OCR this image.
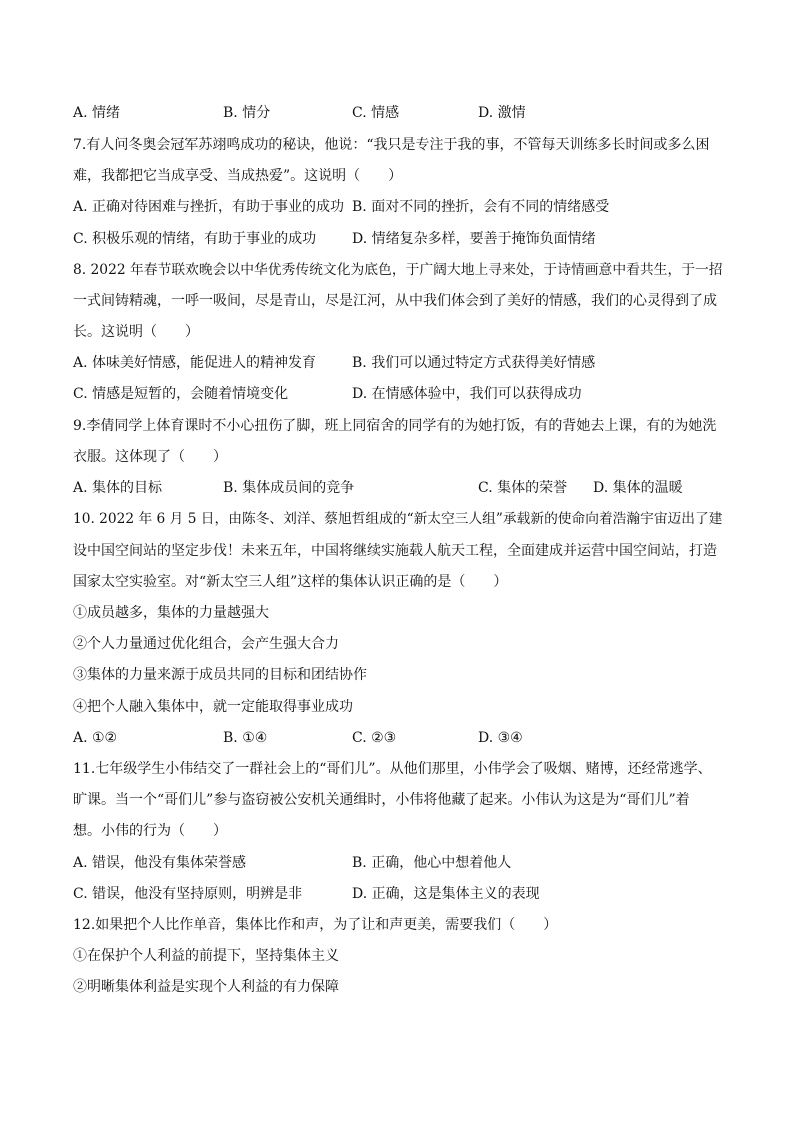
A. 情绪	B. 情分	C. 情感	D. 激情
7.有人问冬奥会冠军苏翊鸣成功的秘诀，他说：“我只是专注于我的事，不管每天训练多长时间或多么困
难，我都把它当成享受、当成热爱”。这说明（　　）
A. 正确对待困难与挫折，有助于事业的成功 B. 面对不同的挫折，会有不同的情绪感受
C. 积极乐观的情绪，有助于事业的成功	D. 情绪复杂多样，要善于掩饰负面情绪
8. 2022 年春节联欢晚会以中华优秀传统文化为底色，于广阔大地上寻来处，于诗情画意中看共生，于一招
一式间铸精魂，一呼一吸间，尽是青山，尽是江河，从中我们体会到了美好的情感，我们的心灵得到了成
长。这说明（　　）
A. 体味美好情感，能促进人的精神发育	B. 我们可以通过特定方式获得美好情感
C. 情感是短暂的，会随着情境变化	D. 在情感体验中，我们可以获得成功
9.李倩同学上体育课时不小心扭伤了脚，班上同宿舍的同学有的为她打饭，有的背她去上课，有的为她洗
衣服。这体现了（　　）
A. 集体的目标	B. 集体成员间的竞争	C. 集体的荣誉 D. 集体的温暖
10. 2022 年 6 月 5 日，由陈冬、刘洋、蔡旭哲组成的“新太空三人组”承载新的使命向着浩瀚宇宙迈出了建
设中国空间站的坚定步伐！未来五年，中国将继续实施载人航天工程，全面建成并运营中国空间站，打造
国家太空实验室。对“新太空三人组”这样的集体认识正确的是（　　）
①成员越多，集体的力量越强大
②个人力量通过优化组合，会产生强大合力
③集体的力量来源于成员共同的目标和团结协作
④把个人融入集体中，就一定能取得事业成功
A. ①②	B. ①④	C. ②③	D. ③④
11.七年级学生小伟结交了一群社会上的“哥们儿”。从他们那里，小伟学会了吸烟、赌博，还经常逃学、
旷课。当一个“哥们儿”参与盗窃被公安机关通缉时，小伟将他藏了起来。小伟认为这是为“哥们儿”着
想。小伟的行为（　　）
A. 错误，他没有集体荣誉感	B. 正确，他心中想着他人
C. 错误，他没有坚持原则，明辨是非	D. 正确，这是集体主义的表现
12.如果把个人比作单音，集体比作和声，为了让和声更美，需要我们（　　）
①在保护个人利益的前提下，坚持集体主义
②明晰集体利益是实现个人利益的有力保障
